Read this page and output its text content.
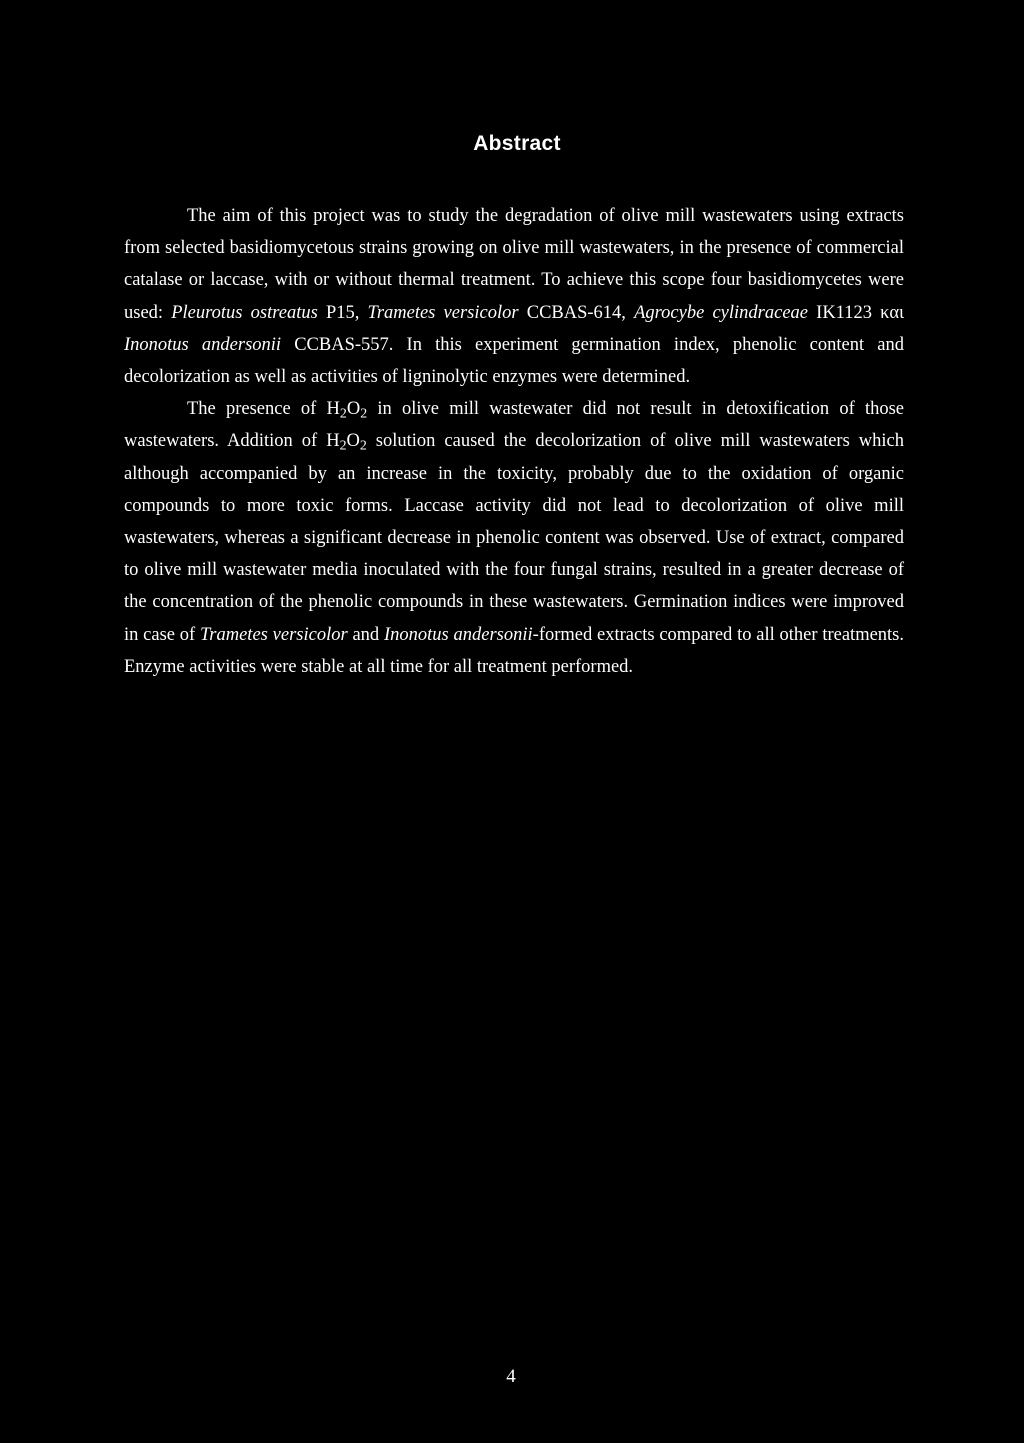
Abstract

The aim of this project was to study the degradation of olive mill wastewaters using extracts from selected basidiomycetous strains growing on olive mill wastewaters, in the presence of commercial catalase or laccase, with or without thermal treatment. To achieve this scope four basidiomycetes were used: Pleurotus ostreatus P15, Trametes versicolor CCBAS-614, Agrocybe cylindraceae IK1123 και Inonotus andersonii CCBAS-557. In this experiment germination index, phenolic content and decolorization as well as activities of ligninolytic enzymes were determined.

The presence of $H_2O_2$ in olive mill wastewater did not result in detoxification of those wastewaters. Addition of $H_2O_2$ solution caused the decolorization of olive mill wastewaters which although accompanied by an increase in the toxicity, probably due to the oxidation of organic compounds to more toxic forms. Laccase activity did not lead to decolorization of olive mill wastewaters, whereas a significant decrease in phenolic content was observed. Use of extract, compared to olive mill wastewater media inoculated with the four fungal strains, resulted in a greater decrease of the concentration of the phenolic compounds in these wastewaters. Germination indices were improved in case of Trametes versicolor and Inonotus andersonii-formed extracts compared to all other treatments. Enzyme activities were stable at all time for all treatment performed.

4
